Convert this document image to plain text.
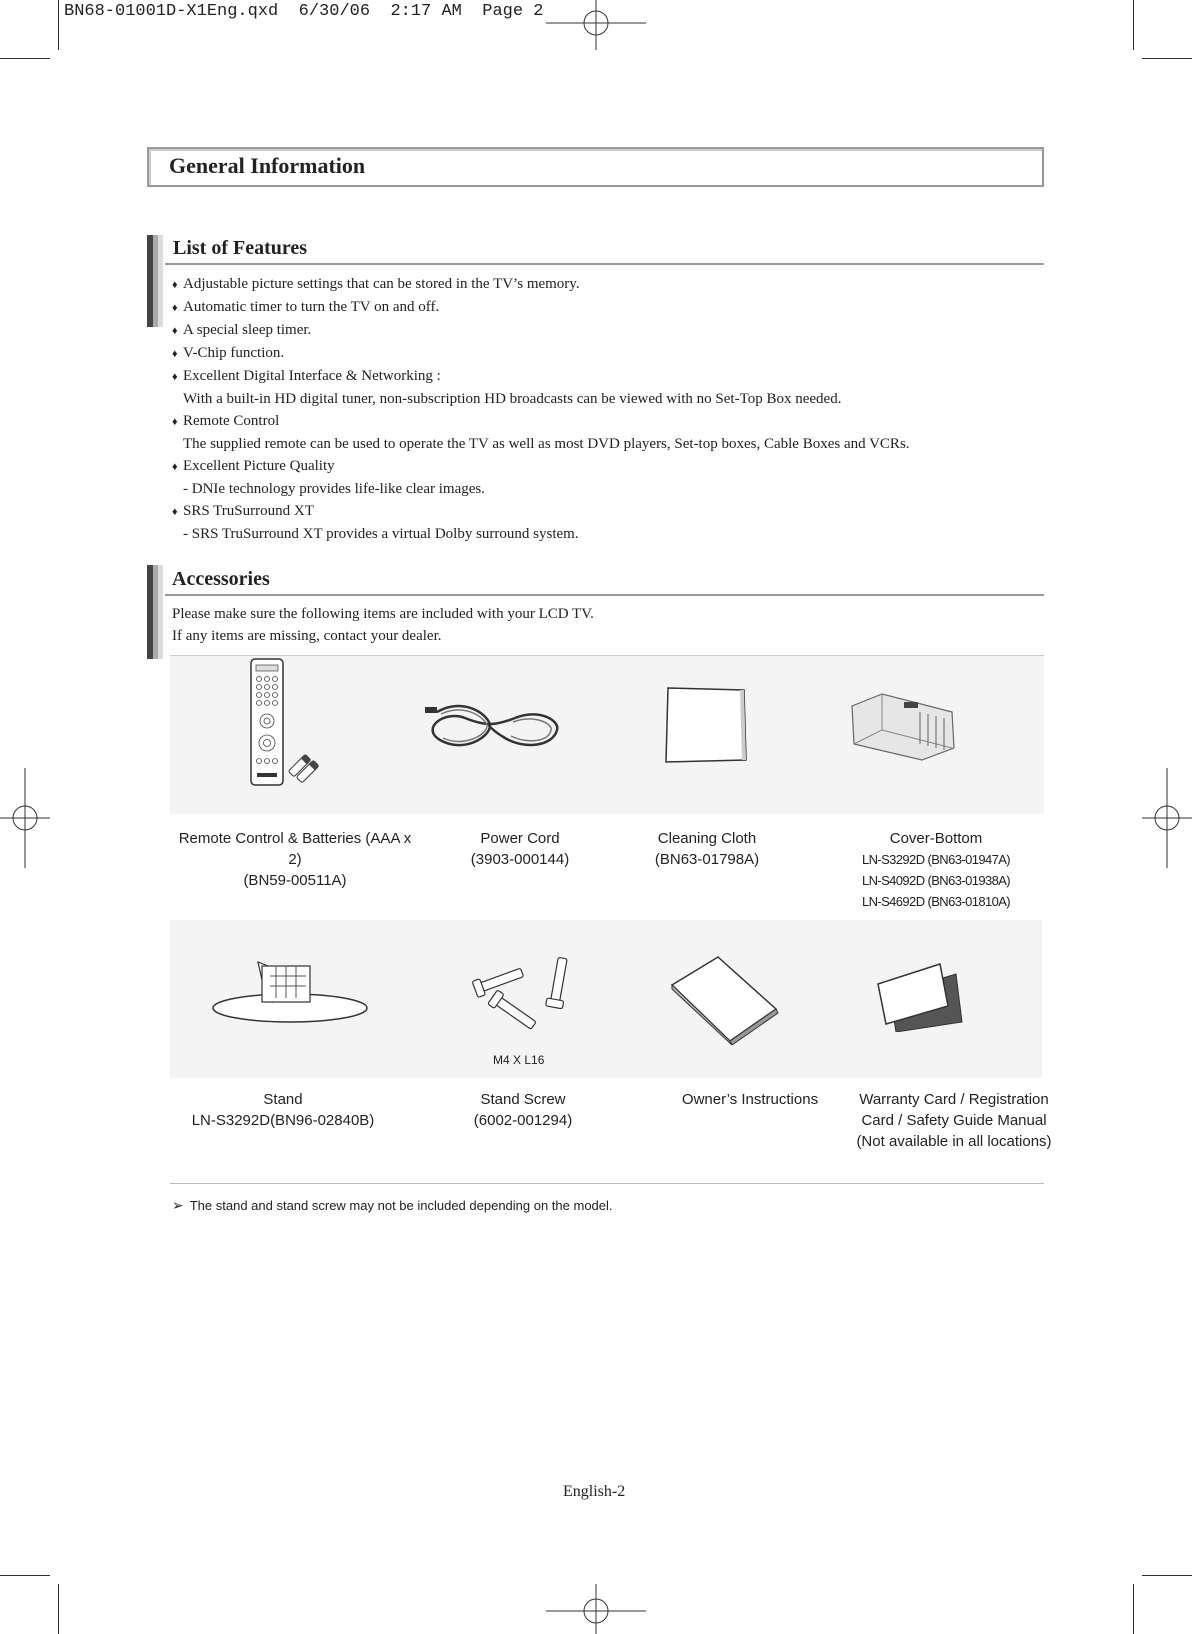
BN68-01001D-X1Eng.qxd  6/30/06  2:17 AM  Page 2
General Information
List of Features
♦ Adjustable picture settings that can be stored in the TV’s memory.
♦ Automatic timer to turn the TV on and off.
♦ A special sleep timer.
♦ V-Chip function.
♦ Excellent Digital Interface & Networking :
With a built-in HD digital tuner, non-subscription HD broadcasts can be viewed with no Set-Top Box needed.
♦ Remote Control
The supplied remote can be used to operate the TV as well as most DVD players, Set-top boxes, Cable Boxes and VCRs.
♦ Excellent Picture Quality
- DNIe technology provides life-like clear images.
♦ SRS TruSurround XT
- SRS TruSurround XT provides a virtual Dolby surround system.
Accessories
Please make sure the following items are included with your LCD TV.
If any items are missing, contact your dealer.
Remote Control & Batteries (AAA x 2)
(BN59-00511A)
Power Cord
(3903-000144)
Cleaning Cloth
(BN63-01798A)
Cover-Bottom
LN-S3292D (BN63-01947A)
LN-S4092D (BN63-01938A)
LN-S4692D (BN63-01810A)
M4 X L16
Stand
LN-S3292D(BN96-02840B)
Stand Screw
(6002-001294)
Owner’s Instructions	Warranty Card / Registration
Card / Safety Guide Manual
(Not available in all locations)
➢ The stand and stand screw may not be included depending on the model.
English-2
